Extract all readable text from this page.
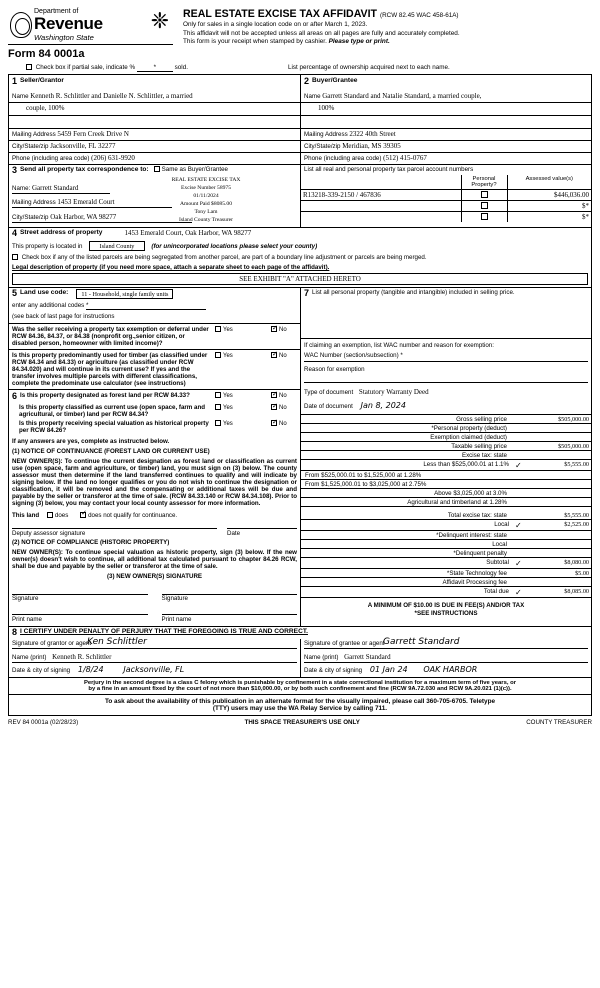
❈
Department of
Revenue
Washington State
Form 84 0001a
REAL ESTATE EXCISE TAX AFFIDAVIT (RCW 82.45 WAC 458-61A)
Only for sales in a single location code on or after March 1, 2023.
This affidavit will not be accepted unless all areas on all pages are fully and accurately completed.
This form is your receipt when stamped by cashier. Please type or print.
Check box if partial sale, indicate %	*	sold.	List percentage of ownership acquired next to each name.
1 Seller/Grantor
Name Kenneth R. Schlittler and Danielle N. Schlittler, a married
couple, 100%
Mailing Address 5459 Fern Creek Drive N
City/State/zip Jacksonville, FL 32277
Phone (including area code) (206) 631-9920
2 Buyer/Grantee
Name Garrett Standard and Natalie Standard, a married couple,
100%
Mailing Address 2322 40th Street
City/State/zip Meridian, MS 39305
Phone (including area code) (512) 415-0767
3 Send all property tax correspondence to:	Same as Buyer/Grantee
REAL ESTATE EXCISE TAX
Excise Number 58975
01/11/2024
Amount Paid $8085.00
Tony Lam
Island County Treasurer
Name: Garrett Standard
Mailing Address 1453 Emerald Court
City/State/zip Oak Harbor, WA 98277
List all real and personal property tax parcel account numbers
	Personal Property?	Assessed value(s)
R13218-339-2150 / 467836		$446,036.00
		$*
		$*
4 Street address of property	1453 Emerald Court, Oak Harbor, WA 98277
This property is located in	Island County	(for unincorporated locations please select your county)
Check box if any of the listed parcels are being segregated from another parcel, are part of a boundary line adjustment or parcels are being merged.
Legal description of property (if you need more space, attach a separate sheet to each page of the affidavit).
SEE EXHIBIT "A" ATTACHED HERETO
5 Land use code:	11 - Household, single family units
enter any additional codes *
(see back of last page for instructions
Was the seller receiving a property tax exemption or deferral under RCW 84.36, 84.37, or 84.38 (nonprofit org.,senior citizen, or disabled person, homeowner with limited income)?
Yes ✓	No
Is this property predominantly used for timber (as classified under RCW 84.34 and 84.33) or agriculture (as classified under RCW 84.34.020) and will continue in its current use? If yes and the transfer involves multiple parcels with different classifications, complete the predominate use calculator (see instructions)
Yes ✓	No
6 Is this property designated as forest land per RCW 84.33?	Yes ✓	No
Is this property classified as current use (open space, farm and agricultural, or timber) land per RCW 84.34?
Yes ✓	No
Is this property receiving special valuation as historical property per RCW 84.26?
Yes ✓	No
If any answers are yes, complete as instructed below.
(1) NOTICE OF CONTINUANCE (FOREST LAND OR CURRENT USE)
NEW OWNER(S): To continue the current designation as forest land or classification as current use (open space, farm and agriculture, or timber) land, you must sign on (3) below. The county assessor must then determine if the land transferred continues to qualify and will indicate by signing below. If the land no longer qualifies or you do not wish to continue the designation or classification, it will be removed and the compensating or additional taxes will be due and payable by the seller or transferor at the time of sale. (RCW 84.33.140 or RCW 84.34.108). Prior to signing (3) below, you may contact your local county assessor for more information.
This land	does ✓	does not qualify for continuance.
Deputy assessor signature	Date
(2) NOTICE OF COMPLIANCE (HISTORIC PROPERTY)
NEW OWNER(S): To continue special valuation as historic property, sign (3) below. If the new owner(s) doesn't wish to continue, all additional tax calculated pursuant to chapter 84.26 RCW, shall be due and payable by the seller or transferor at the time of sale.
(3) NEW OWNER(S) SIGNATURE
Signature	Signature
Print name	Print name
7 List all personal property (tangible and intangible) included in selling price.
If claiming an exemption, list WAC number and reason for exemption:
WAC Number (section/subsection) *
Reason for exemption
Type of document Statutory Warranty Deed
Date of document Jan 8, 2024
Gross selling price	$505,000.00
*Personal property (deduct)
Exemption claimed (deduct)
Taxable selling price	$505,000.00
Excise tax: state
Less than $525,000.01 at 1.1% ✓	$5,555.00
From $525,000.01 to $1,525,000 at 1.28%
From $1,525,000.01 to $3,025,000 at 2.75%
Above $3,025,000 at 3.0%
Agricultural and timberland at 1.28%
Total excise tax: state	$5,555.00
Local ✓	$2,525.00
*Delinquent interest: state
Local
*Delinquent penalty
Subtotal ✓	$8,080.00
*State Technology fee	$5.00
Affidavit Processing fee
Total due ✓	$8,085.00
A MINIMUM OF $10.00 IS DUE IN FEE(S) AND/OR TAX
*SEE INSTRUCTIONS
8 I CERTIFY UNDER PENALTY OF PERJURY THAT THE FOREGOING IS TRUE AND CORRECT.
Signature of grantor or agent
Ken Schlittler
Name (print) Kenneth R. Schlittler
Date & city of signing 1/8/24 Jacksonville, FL
Signature of grantee or agent
Garrett Standard
Name (print) Garrett Standard
Date & city of signing 01 Jan 24 OAK HARBOR
Perjury in the second degree is a class C felony which is punishable by confinement in a state correctional institution for a maximum term of five years, or
by a fine in an amount fixed by the court of not more than $10,000.00, or by both such confinement and fine (RCW 9A.72.030 and RCW 9A.20.021 (1)(c)).
To ask about the availability of this publication in an alternate format for the visually impaired, please call 360-705-6705. Teletype
(TTY) users may use the WA Relay Service by calling 711.
REV 84 0001a (02/28/23)	THIS SPACE TREASURER'S USE ONLY	COUNTY TREASURER
